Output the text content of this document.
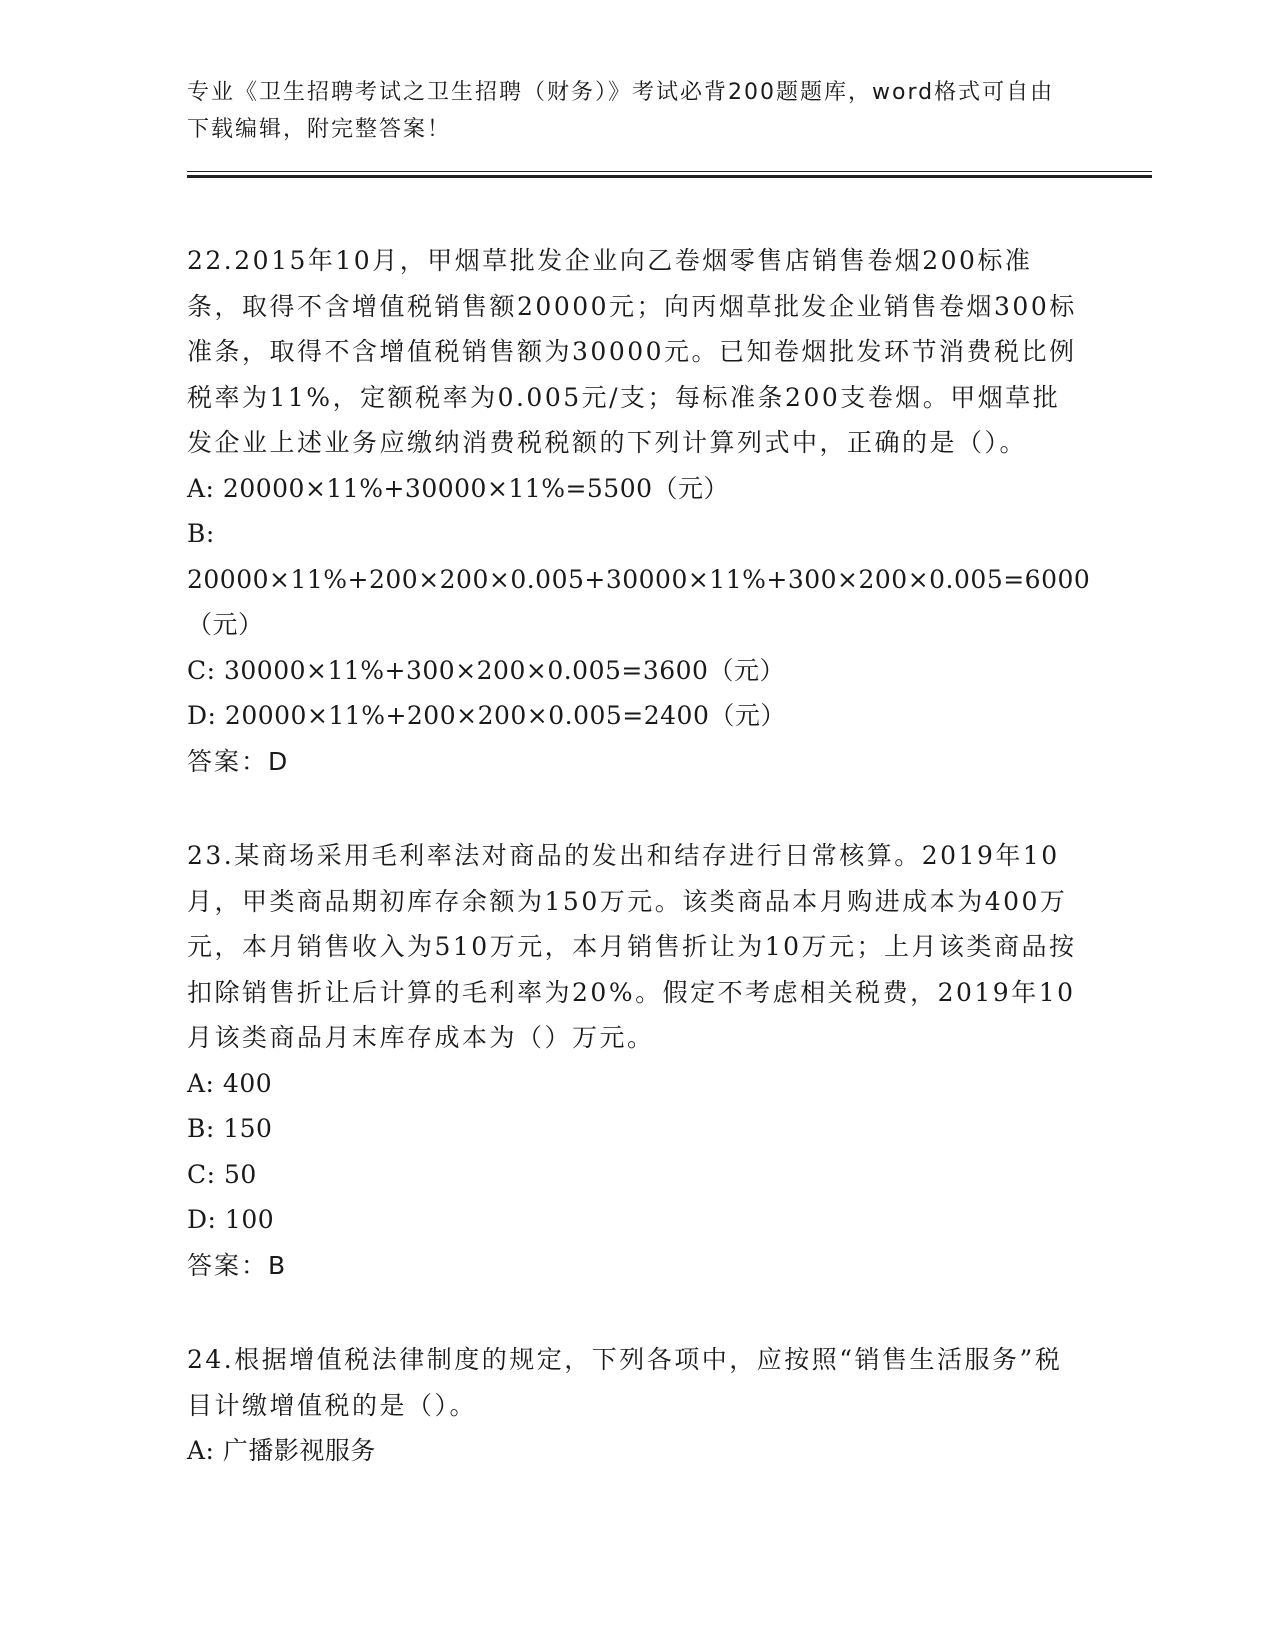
专业《卫生招聘考试之卫生招聘（财务）》考试必背200题题库，word格式可自由下载编辑，附完整答案！

22.2015年10月，甲烟草批发企业向乙卷烟零售店销售卷烟200标准条，取得不含增值税销售额20000元；向丙烟草批发企业销售卷烟300标准条，取得不含增值税销售额为30000元。已知卷烟批发环节消费税比例税率为11%，定额税率为0.005元/支；每标准条200支卷烟。甲烟草批发企业上述业务应缴纳消费税税额的下列计算列式中，正确的是（）。

A: 20000×11%+30000×11%=5500（元）

B: 20000×11%+200×200×0.005+30000×11%+300×200×0.005=6000（元）

C: 30000×11%+300×200×0.005=3600（元）

D: 20000×11%+200×200×0.005=2400（元）

答案：D

23.某商场采用毛利率法对商品的发出和结存进行日常核算。2019年10月，甲类商品期初库存余额为150万元。该类商品本月购进成本为400万元，本月销售收入为510万元，本月销售折让为10万元；上月该类商品按扣除销售折让后计算的毛利率为20%。假定不考虑相关税费，2019年10月该类商品月末库存成本为（）万元。

A: 400

B: 150

C: 50

D: 100

答案：B

24.根据增值税法律制度的规定，下列各项中，应按照“销售生活服务”税目计缴增值税的是（）。

A: 广播影视服务
